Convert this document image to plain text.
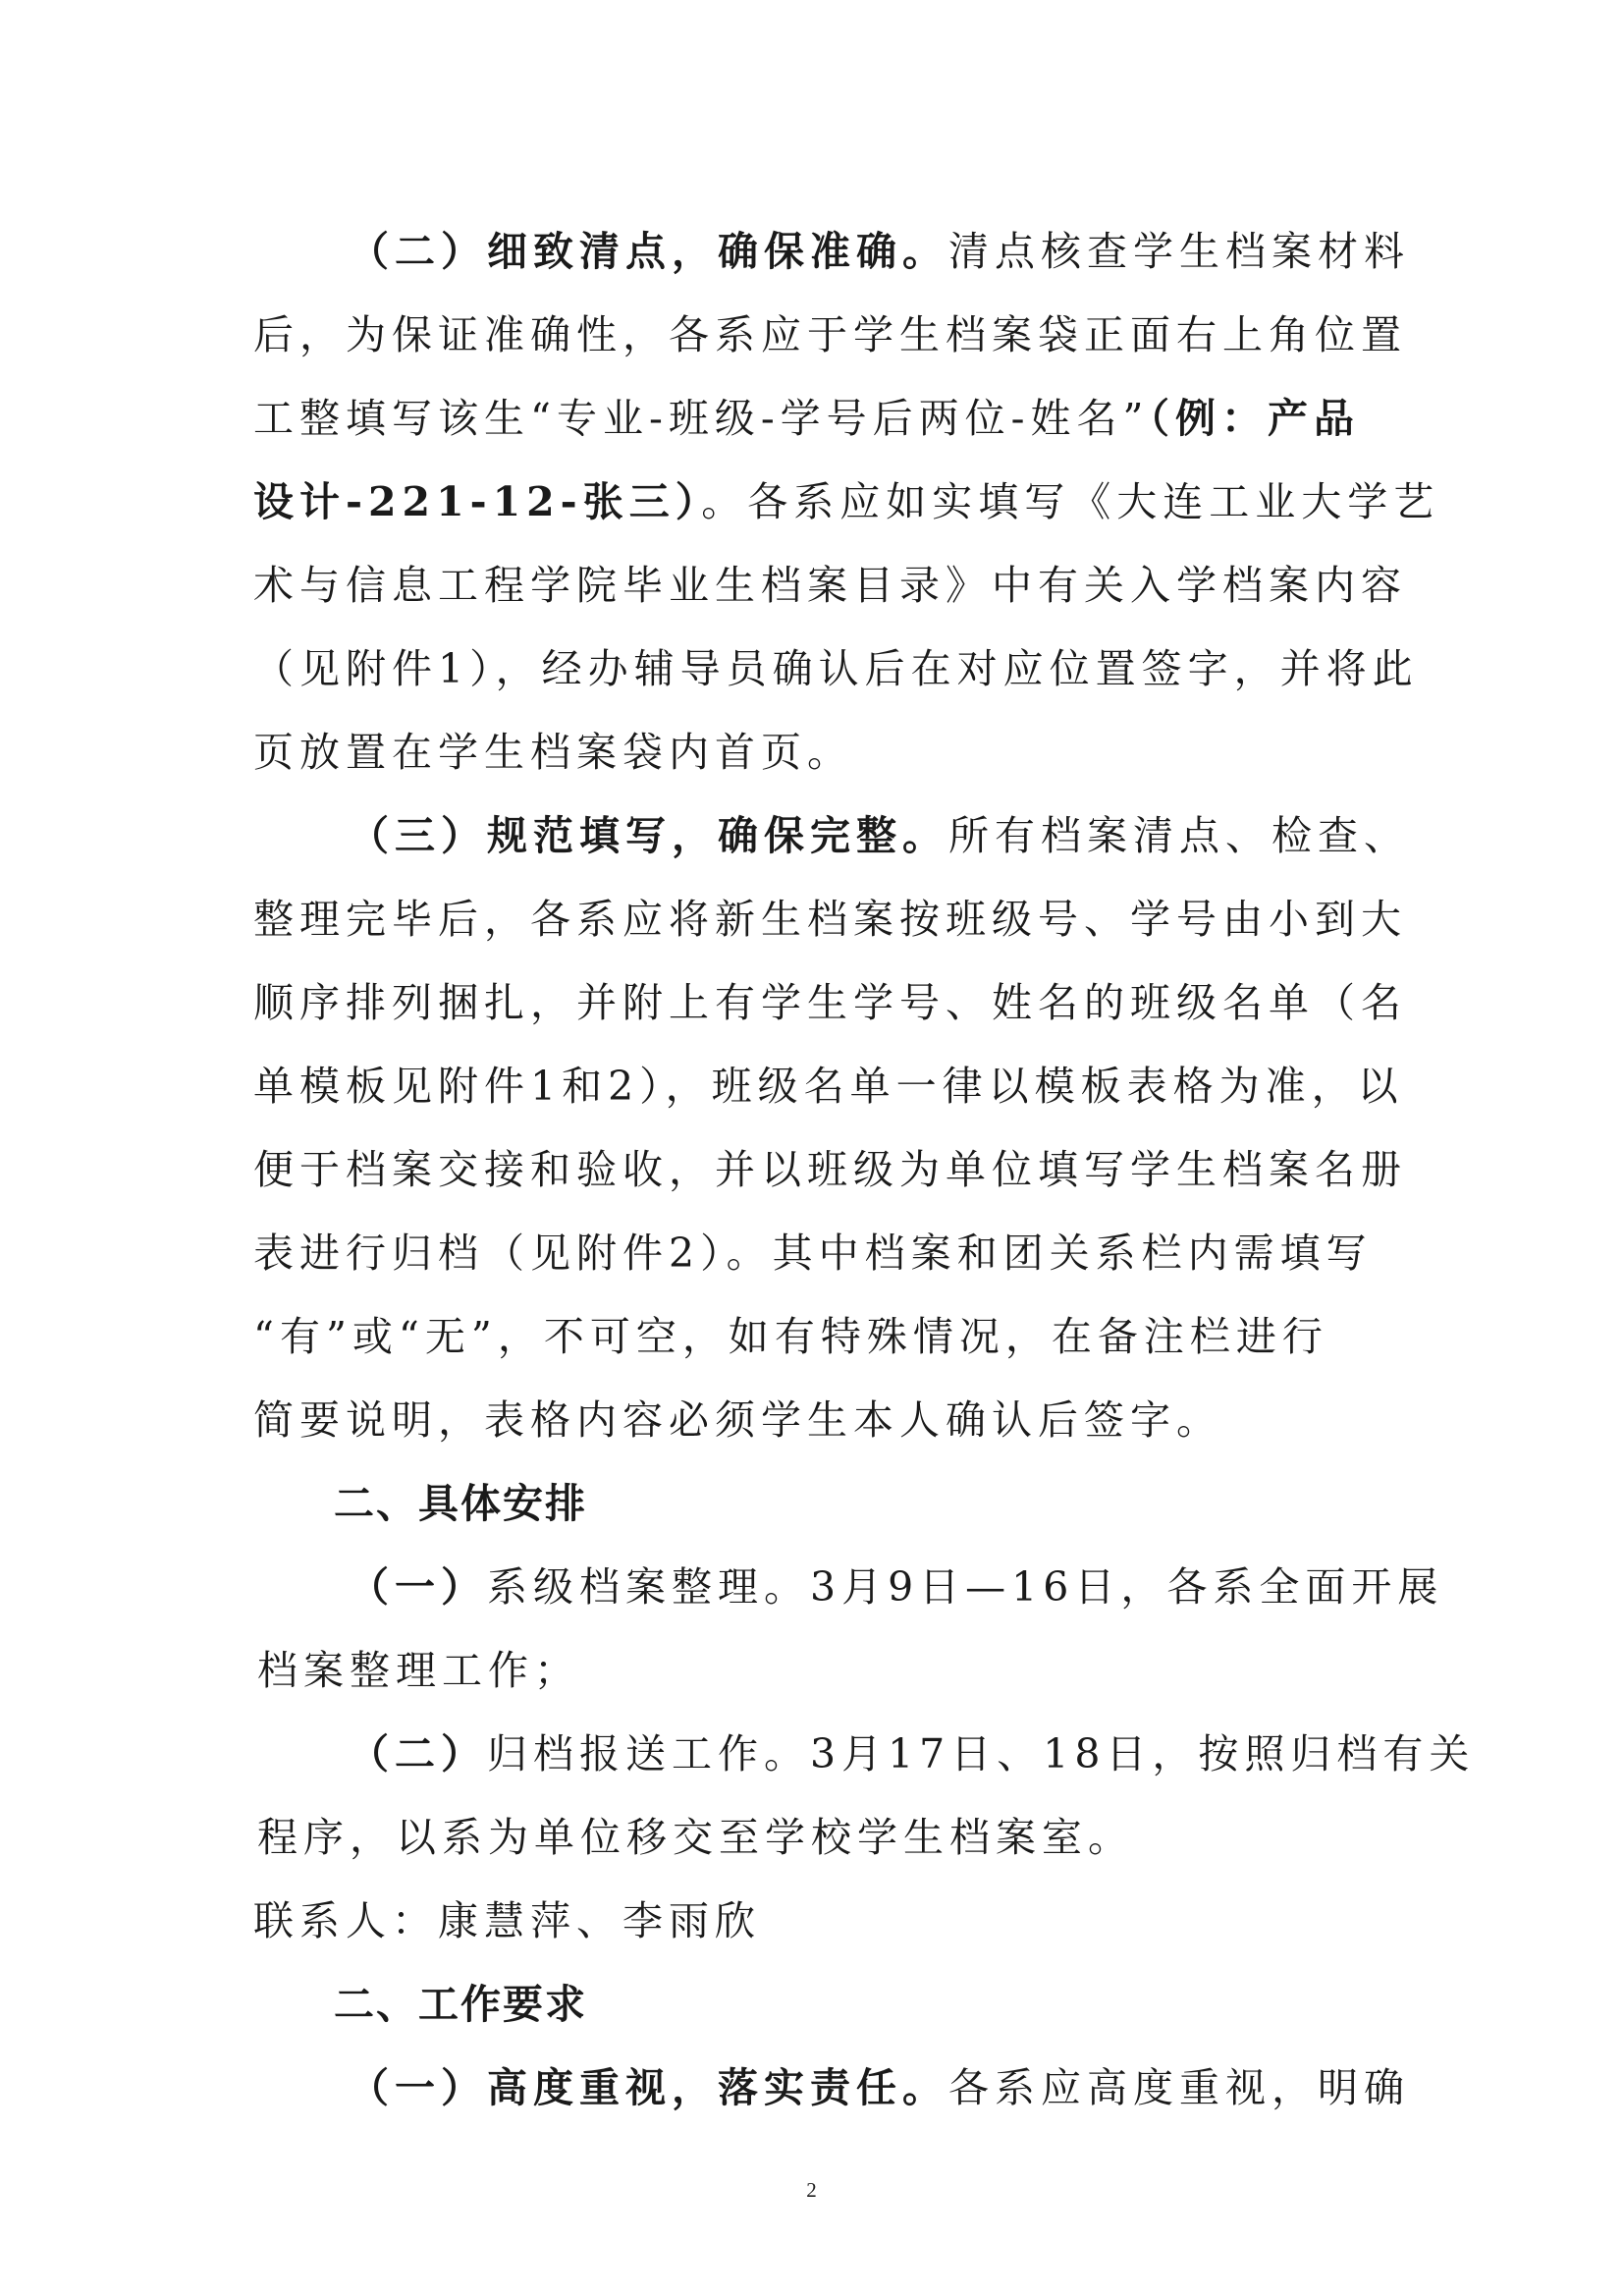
（二）细致清点，确保准确。清点核查学生档案材料
后，为保证准确性，各系应于学生档案袋正面右上角位置
工整填写该生“专业-班级-学号后两位-姓名”（例：产品
设计-221-12-张三）。各系应如实填写《大连工业大学艺
术与信息工程学院毕业生档案目录》中有关入学档案内容
（见附件1），经办辅导员确认后在对应位置签字，并将此
页放置在学生档案袋内首页。
（三）规范填写，确保完整。所有档案清点、检查、
整理完毕后，各系应将新生档案按班级号、学号由小到大
顺序排列捆扎，并附上有学生学号、姓名的班级名单（名
单模板见附件1和2），班级名单一律以模板表格为准，以
便于档案交接和验收，并以班级为单位填写学生档案名册
表进行归档（见附件2）。其中档案和团关系栏内需填写
“有”或“无”，不可空，如有特殊情况，在备注栏进行
简要说明，表格内容必须学生本人确认后签字。
二、具体安排
（一）系级档案整理。3月9日—16日，各系全面开展
档案整理工作；
（二）归档报送工作。3月17日、18日，按照归档有关
程序，以系为单位移交至学校学生档案室。
联系人：康慧萍、李雨欣
二、工作要求
（一）高度重视，落实责任。各系应高度重视，明确
2
